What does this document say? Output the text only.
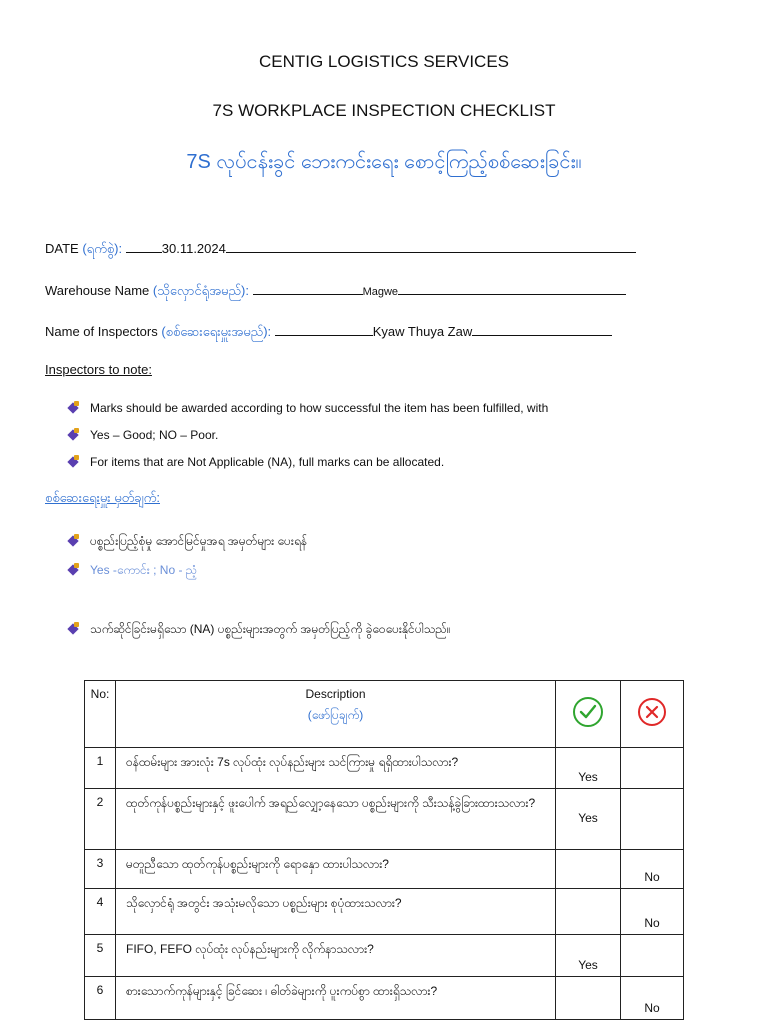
CENTIG LOGISTICS SERVICES
7S WORKPLACE INSPECTION CHECKLIST
7S လုပ်ငန်းခွင် ဘေးကင်းရေး စောင့်ကြည့်စစ်ဆေးခြင်း။
DATE (ရက်စွဲ):	30.11.2024
Warehouse Name (သိုလှောင်ရုံအမည်):	Magwe
Name of Inspectors (စစ်ဆေးရေးမှူးအမည်):	Kyaw Thuya Zaw
Inspectors to note:
Marks should be awarded according to how successful the item has been fulfilled, with
Yes – Good; NO – Poor.
For items that are Not Applicable (NA), full marks can be allocated.
စစ်ဆေးရေးမှူး မှတ်ချက်:
ပစ္စည်းပြည့်စုံမှု အောင်မြင်မှုအရ အမှတ်များ ပေးရန်
Yes -ကောင်း ; No - ညံ့
သက်ဆိုင်ခြင်းမရှိသော (NA) ပစ္စည်းများအတွက် အမှတ်ပြည့်ကို ခွဲဝေပေးနိုင်ပါသည်။
No:	Description
(ဖော်ပြချက်)

1	ဝန်ထမ်းများ အားလုံး 7s လုပ်ထုံး လုပ်နည်းများ သင်ကြားမှု ရရှိထားပါသလား?	Yes	
2	ထုတ်ကုန်ပစ္စည်းများနှင့် ဖူးပေါက် အရည်လျှော့နေသော ပစ္စည်းများကို သီးသန့်ခွဲခြားထားသလား?	Yes	
3	မတူညီသော ထုတ်ကုန်ပစ္စည်းများကို ရောနှော ထားပါသလား?		No
4	သိုလှောင်ရုံ အတွင်း အသုံးမလိုသော ပစ္စည်းများ စုပုံထားသလား?		No
5	FIFO, FEFO လုပ်ထုံး လုပ်နည်းများကို လိုက်နာသလား?	Yes	
6	စားသောက်ကုန်များနှင့် ခြင်ဆေး ၊ ဓါတ်ခဲများကို ပူးကပ်စွာ ထားရှိသလား?		No
